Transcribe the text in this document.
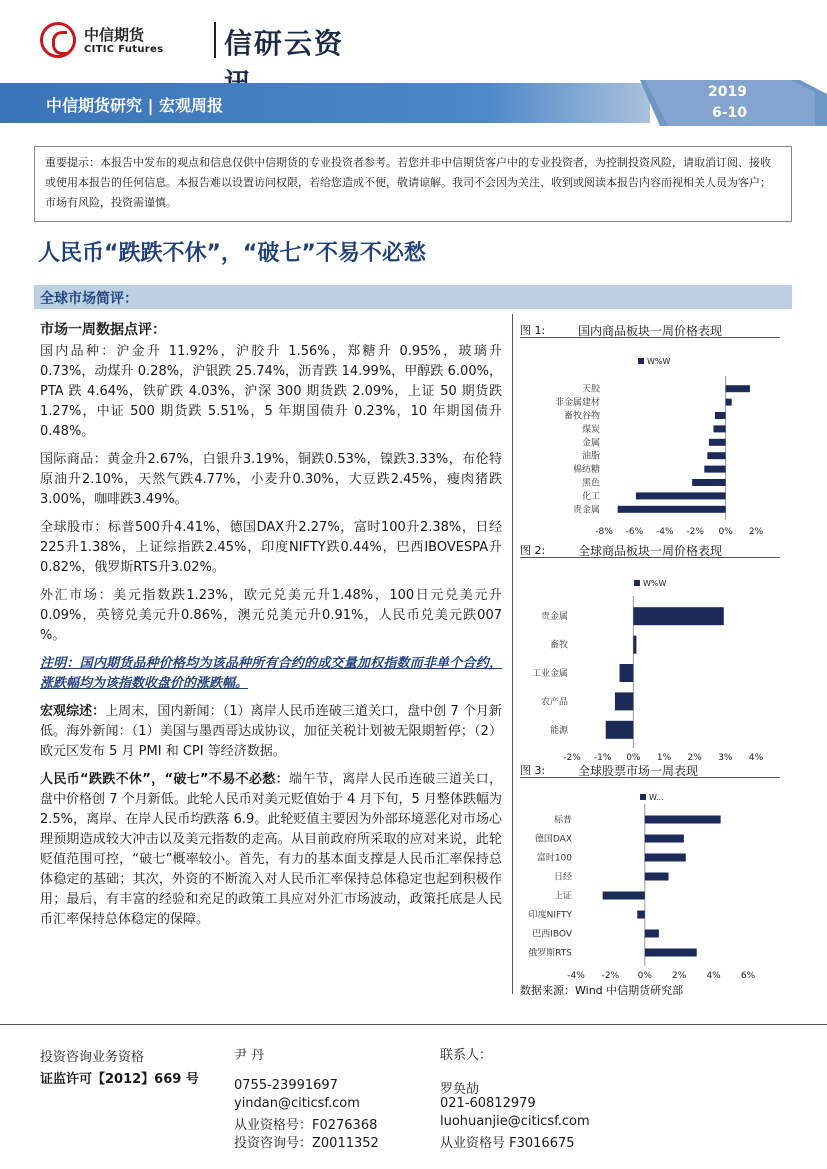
中信期货
CITIC Futures 信研云资
中信期货研究 | 宏观周报
2019
6-10
重要提示：本报告中发布的观点和信息仅供中信期货的专业投资者参考。若您并非中信期货客户中的专业投资者，为控制投资风险，请取消订阅、接收或使用本报告的任何信息。本报告难以设置访问权限，若给您造成不便，敬请谅解。我司不会因为关注、收到或阅读本报告内容而视相关人员为客户；市场有风险，投资需谨慎。
人民币“跌跌不休”，“破七”不易不必愁
全球市场简评：
市场一周数据点评：

国内品种：沪金升 11.92%，沪胶升 1.56%，郑糖升 0.95%，玻璃升 0.73%，动煤升 0.28%，沪银跌 25.74%，沥青跌 14.99%，甲醇跌 6.00%，PTA 跌 4.64%，铁矿跌 4.03%，沪深 300 期货跌 2.09%，上证 50 期货跌 1.27%，中证 500 期货跌 5.51%，5 年期国债升 0.23%，10 年期国债升 0.48%。

国际商品：黄金升2.67%，白银升3.19%，铜跌0.53%，镍跌3.33%，布伦特原油升2.10%，天然气跌4.77%，小麦升0.30%，大豆跌2.45%，瘦肉猪跌3.00%，咖啡跌3.49%。

全球股市：标普500升4.41%，德国DAX升2.27%，富时100升2.38%，日经225升1.38%，上证综指跌2.45%，印度NIFTY跌0.44%，巴西IBOVESPA升0.82%，俄罗斯RTS升3.02%。

外汇市场：美元指数跌1.23%，欧元兑美元升1.48%，100日元兑美元升0.09%，英镑兑美元升0.86%，澳元兑美元升0.91%，人民币兑美元跌007 %。

注明：国内期货品种价格均为该品种所有合约的成交量加权指数而非单个合约，涨跌幅均为该指数收盘价的涨跌幅。

宏观综述：上周末，国内新闻：（1）离岸人民币连破三道关口，盘中创 7 个月新低。海外新闻：（1）美国与墨西哥达成协议，加征关税计划被无限期暂停；（2）欧元区发布 5 月 PMI 和 CPI 等经济数据。

人民币“跌跌不休”，“破七”不易不必愁：端午节，离岸人民币连破三道关口，盘中价格创 7 个月新低。此轮人民币对美元贬值始于 4 月下旬，5 月整体跌幅为 2.5%，离岸、在岸人民币均跌落 6.9。此轮贬值主要因为外部环境恶化对市场心理预期造成较大冲击以及美元指数的走高。从目前政府所采取的应对来说，此轮贬值范围可控，“破七”概率较小。首先，有力的基本面支撑是人民币汇率保持总体稳定的基础；其次，外资的不断流入对人民币汇率保持总体稳定也起到积极作用；最后，有丰富的经验和充足的政策工具应对外汇市场波动，政策托底是人民币汇率保持总体稳定的保障。

图 1:	国内商品板块一周价格表现
W%W
天胶
非金属建材
畜牧谷物
煤炭
金属
油脂
棉纺糖
黑色
化工
贵金属
-8% -6% -4% -2% 0% 2%
图 2:	全球商品板块一周价格表现
W%W
贵金属
畜牧
工业金属
农产品
能源
-2% -1% 0% 1% 2% 3% 4%
图 3:	全球股票市场一周表现
W...
标普
德国DAX
富时100
日经
上证
印度NIFTY
巴西IBOV
俄罗斯RTS
-4% -2% 0% 2% 4% 6%
数据来源：Wind 中信期货研究部
投资咨询业务资格
证监许可【2012】669 号
尹 丹
0755-23991697
yindan@citicsf.com
从业资格号：F0276368
投资咨询号：Z0011352
联系人：
罗奂劼
021-60812979
luohuanjie@citicsf.com
从业资格号 F3016675
